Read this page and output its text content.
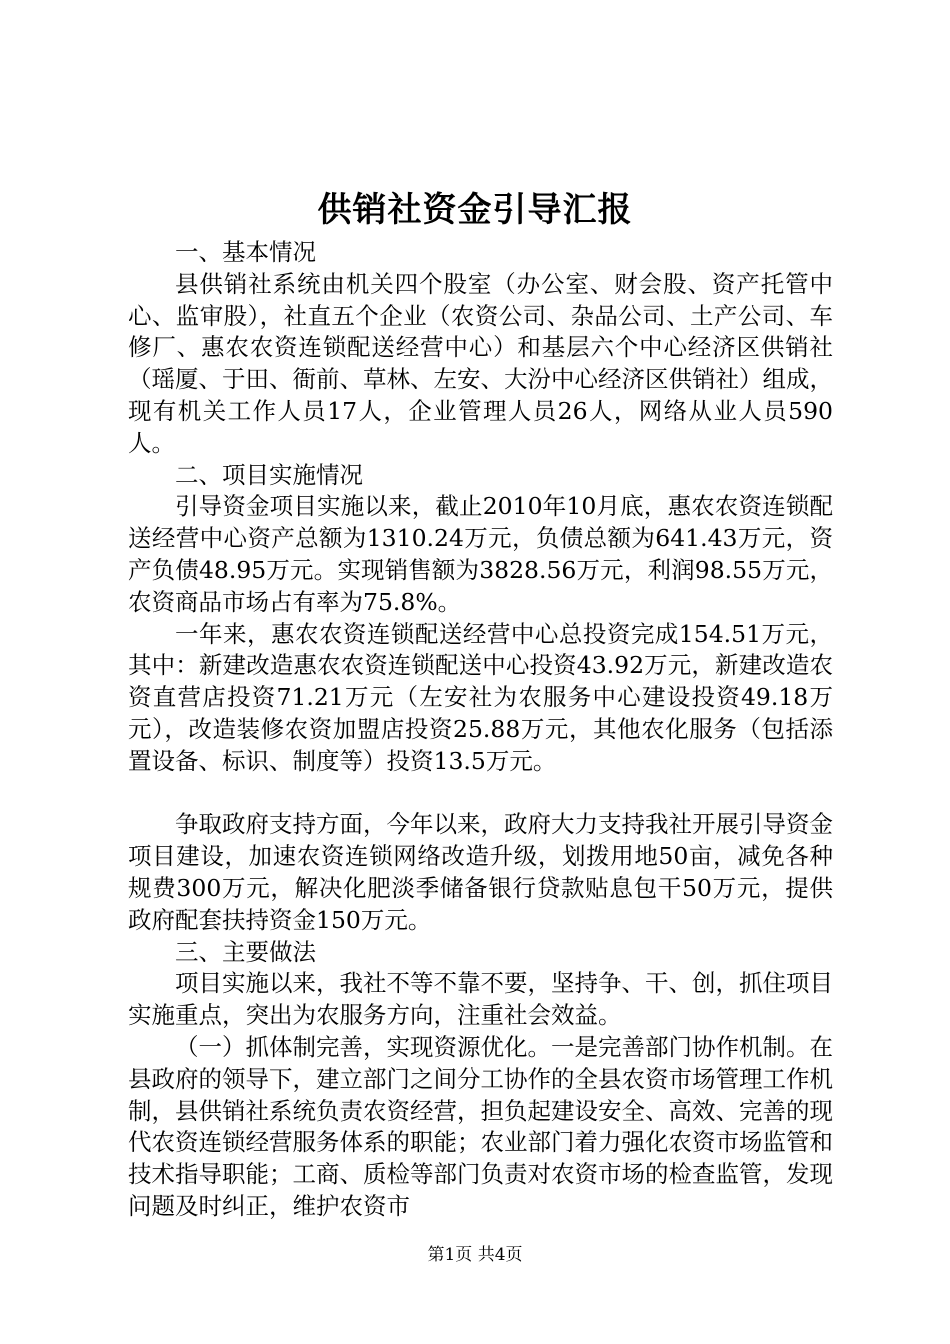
供销社资金引导汇报

一、基本情况

县供销社系统由机关四个股室（办公室、财会股、资产托管中心、监审股），社直五个企业（农资公司、杂品公司、土产公司、车修厂、惠农农资连锁配送经营中心）和基层六个中心经济区供销社（瑶厦、于田、衙前、草林、左安、大汾中心经济区供销社）组成，现有机关工作人员17人，企业管理人员26人，网络从业人员590人。

二、项目实施情况

引导资金项目实施以来，截止2010年10月底，惠农农资连锁配送经营中心资产总额为1310.24万元，负债总额为641.43万元，资产负债48.95万元。实现销售额为3828.56万元，利润98.55万元，农资商品市场占有率为75.8%。

一年来，惠农农资连锁配送经营中心总投资完成154.51万元，其中：新建改造惠农农资连锁配送中心投资43.92万元，新建改造农资直营店投资71.21万元（左安社为农服务中心建设投资49.18万元），改造装修农资加盟店投资25.88万元，其他农化服务（包括添置设备、标识、制度等）投资13.5万元。

争取政府支持方面，今年以来，政府大力支持我社开展引导资金项目建设，加速农资连锁网络改造升级，划拨用地50亩，减免各种规费300万元，解决化肥淡季储备银行贷款贴息包干50万元，提供政府配套扶持资金150万元。

三、主要做法

项目实施以来，我社不等不靠不要，坚持争、干、创，抓住项目实施重点，突出为农服务方向，注重社会效益。

（一）抓体制完善，实现资源优化。一是完善部门协作机制。在县政府的领导下，建立部门之间分工协作的全县农资市场管理工作机制，县供销社系统负责农资经营，担负起建设安全、高效、完善的现代农资连锁经营服务体系的职能；农业部门着力强化农资市场监管和技术指导职能；工商、质检等部门负责对农资市场的检查监管，发现问题及时纠正，维护农资市

第1页 共4页
